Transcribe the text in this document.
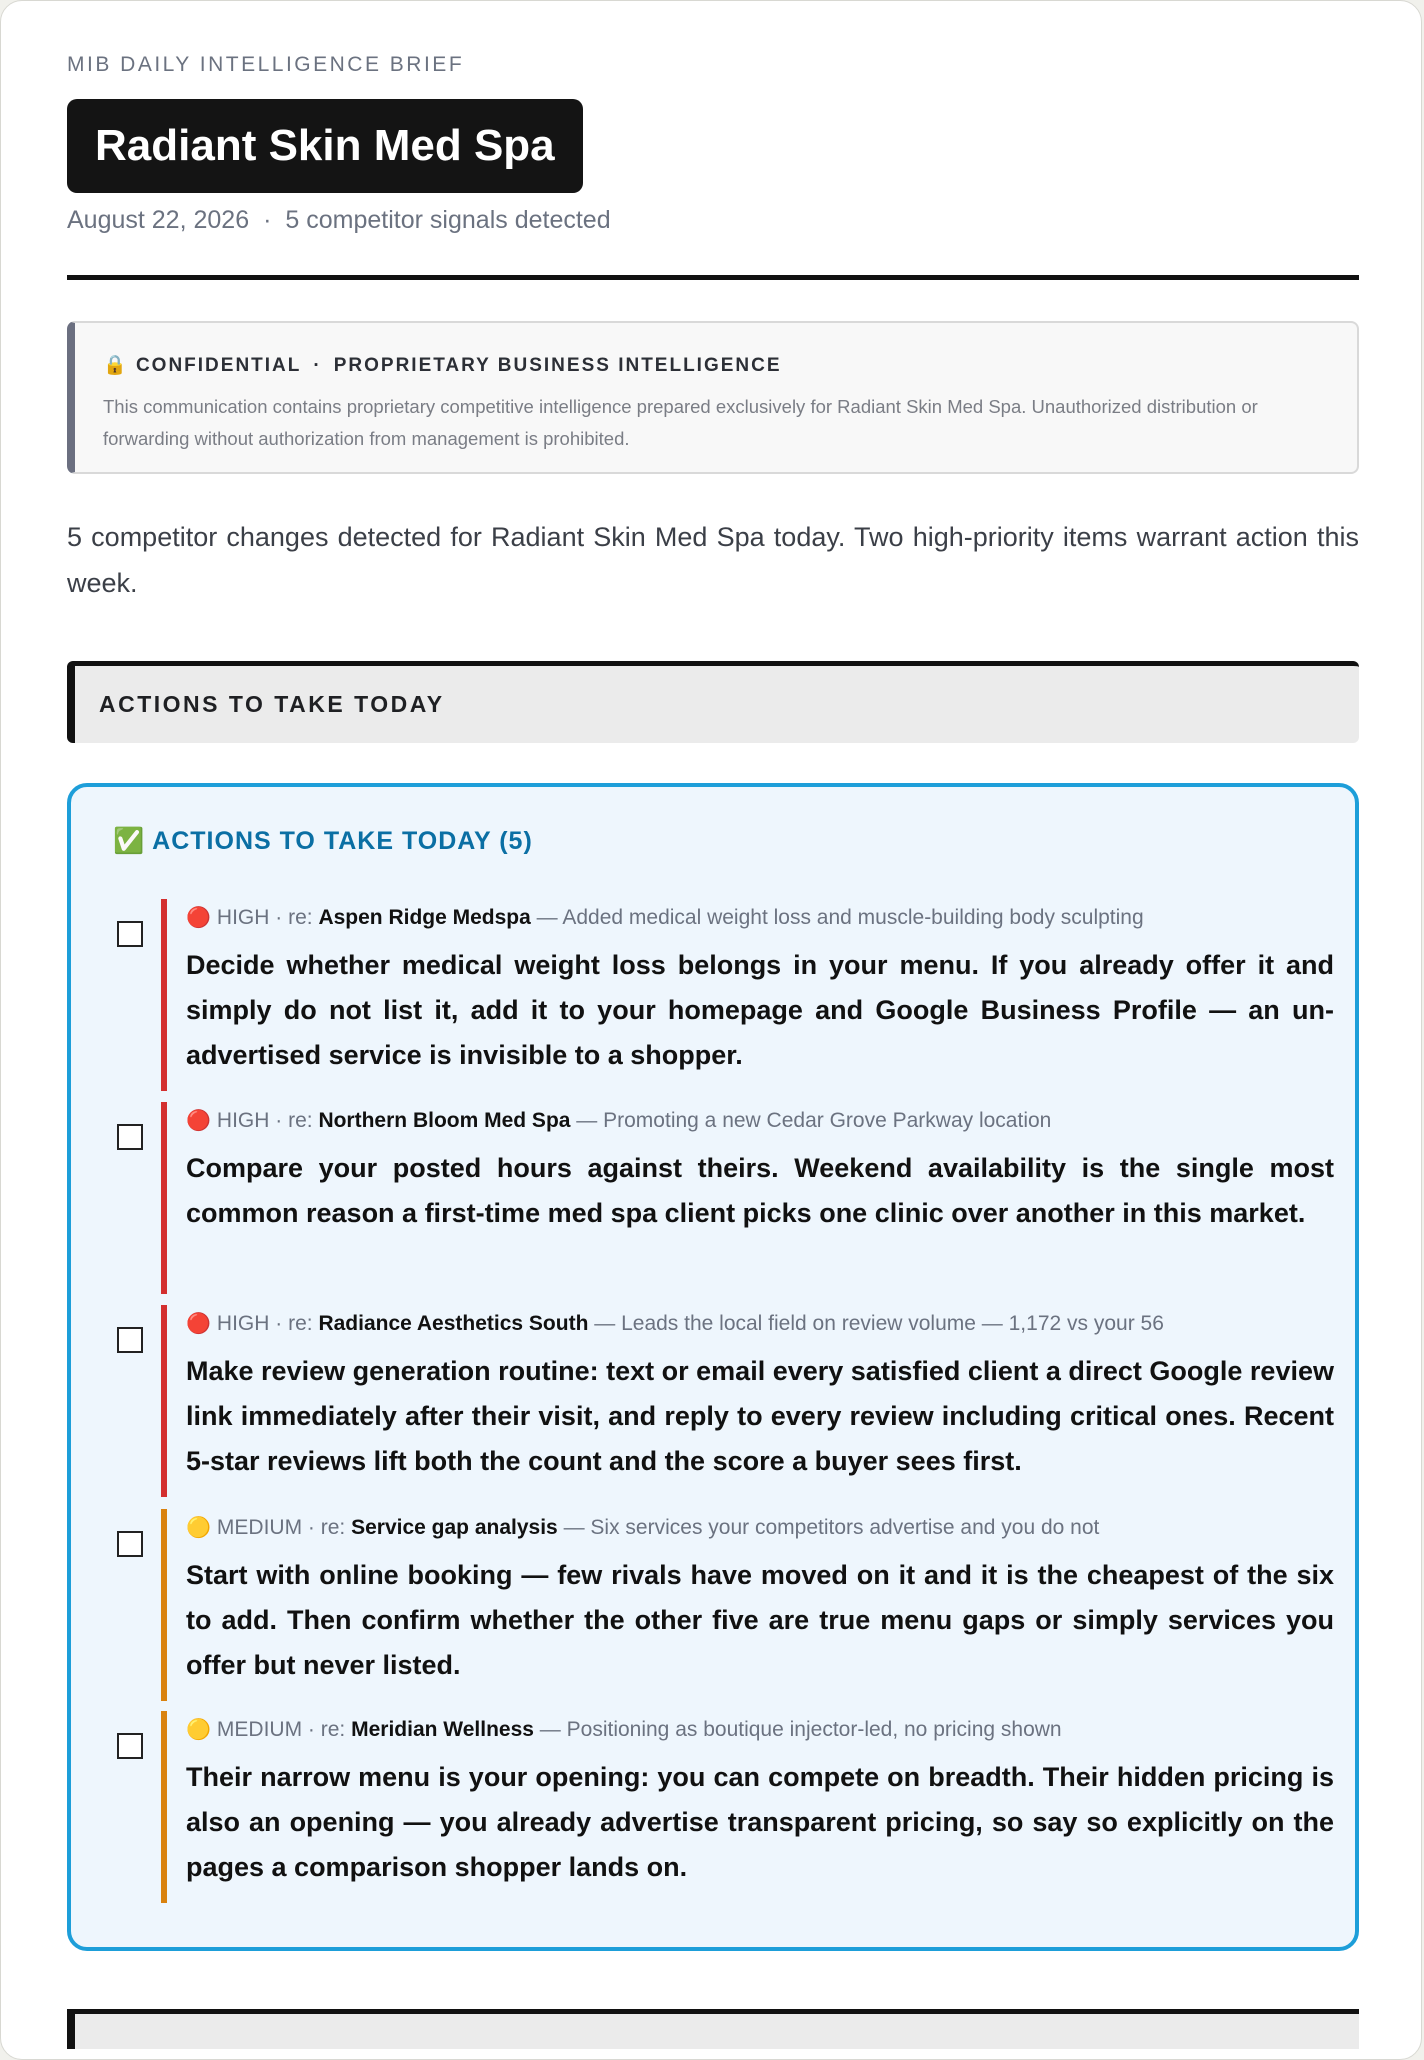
MIB DAILY INTELLIGENCE BRIEF
Radiant Skin Med Spa
August 22, 2026 · 5 competitor signals detected
🔒 CONFIDENTIAL · PROPRIETARY BUSINESS INTELLIGENCE
This communication contains proprietary competitive intelligence prepared exclusively for Radiant Skin Med Spa. Unauthorized distribution or forwarding without authorization from management is prohibited.
5 competitor changes detected for Radiant Skin Med Spa today. Two high-priority items warrant action this week.
ACTIONS TO TAKE TODAY
✅ ACTIONS TO TAKE TODAY (5)
🔴 HIGH · re: Aspen Ridge Medspa — Added medical weight loss and muscle-building body sculpting
Decide whether medical weight loss belongs in your menu. If you already offer it and simply do not list it, add it to your homepage and Google Business Profile — an unadvertised service is invisible to a shopper.
🔴 HIGH · re: Northern Bloom Med Spa — Promoting a new Cedar Grove Parkway location
Compare your posted hours against theirs. Weekend availability is the single most common reason a first-time med spa client picks one clinic over another in this market.
🔴 HIGH · re: Radiance Aesthetics South — Leads the local field on review volume — 1,172 vs your 56
Make review generation routine: text or email every satisfied client a direct Google review link immediately after their visit, and reply to every review including critical ones. Recent 5-star reviews lift both the count and the score a buyer sees first.
🟡 MEDIUM · re: Service gap analysis — Six services your competitors advertise and you do not
Start with online booking — few rivals have moved on it and it is the cheapest of the six to add. Then confirm whether the other five are true menu gaps or simply services you offer but never listed.
🟡 MEDIUM · re: Meridian Wellness — Positioning as boutique injector-led, no pricing shown
Their narrow menu is your opening: you can compete on breadth. Their hidden pricing is also an opening — you already advertise transparent pricing, so say so explicitly on the pages a comparison shopper lands on.
